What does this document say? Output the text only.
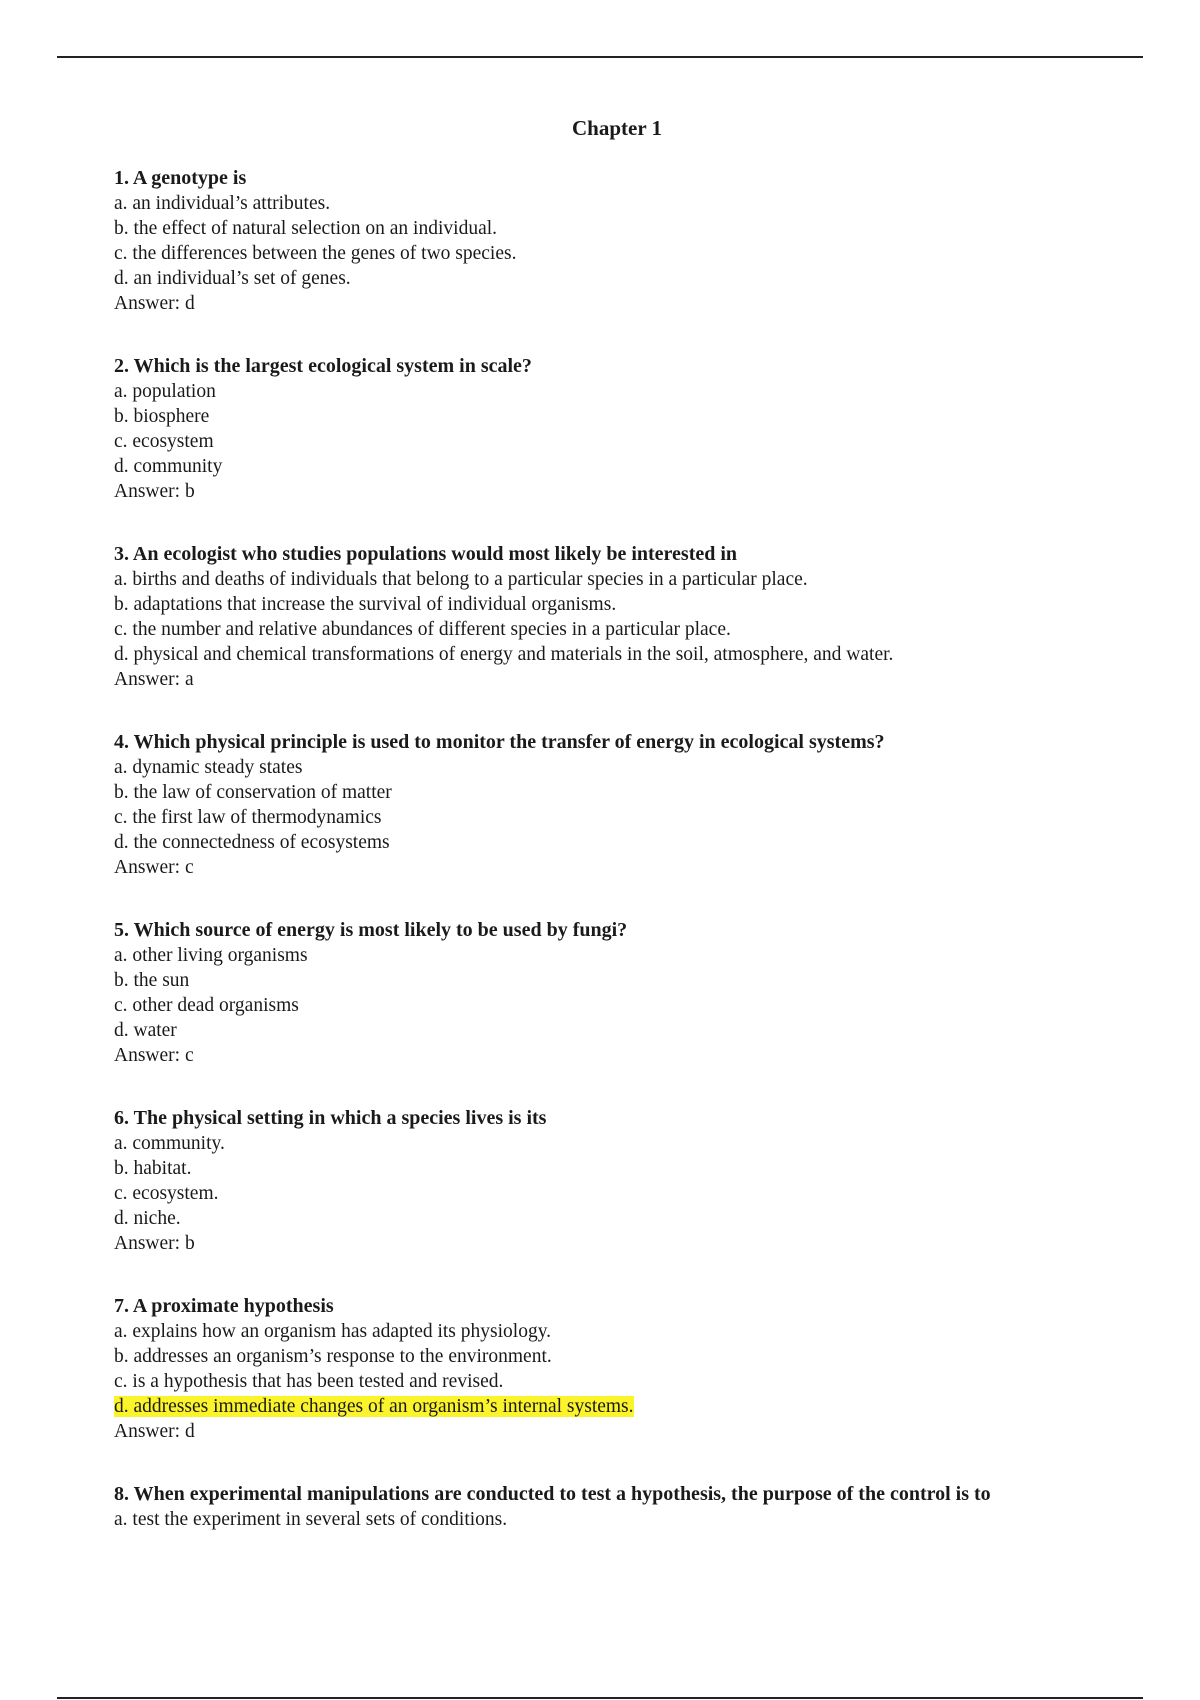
Chapter 1
1. A genotype is
a. an individual’s attributes.
b. the effect of natural selection on an individual.
c. the differences between the genes of two species.
d. an individual’s set of genes.
Answer: d
2. Which is the largest ecological system in scale?
a. population
b. biosphere
c. ecosystem
d. community
Answer: b
3. An ecologist who studies populations would most likely be interested in
a. births and deaths of individuals that belong to a particular species in a particular place.
b. adaptations that increase the survival of individual organisms.
c. the number and relative abundances of different species in a particular place.
d. physical and chemical transformations of energy and materials in the soil, atmosphere, and water.
Answer: a
4. Which physical principle is used to monitor the transfer of energy in ecological systems?
a. dynamic steady states
b. the law of conservation of matter
c. the first law of thermodynamics
d. the connectedness of ecosystems
Answer: c
5. Which source of energy is most likely to be used by fungi?
a. other living organisms
b. the sun
c. other dead organisms
d. water
Answer: c
6. The physical setting in which a species lives is its
a. community.
b. habitat.
c. ecosystem.
d. niche.
Answer: b
7. A proximate hypothesis
a. explains how an organism has adapted its physiology.
b. addresses an organism’s response to the environment.
c. is a hypothesis that has been tested and revised.
d. addresses immediate changes of an organism’s internal systems.
Answer: d
8. When experimental manipulations are conducted to test a hypothesis, the purpose of the control is to
a. test the experiment in several sets of conditions.
